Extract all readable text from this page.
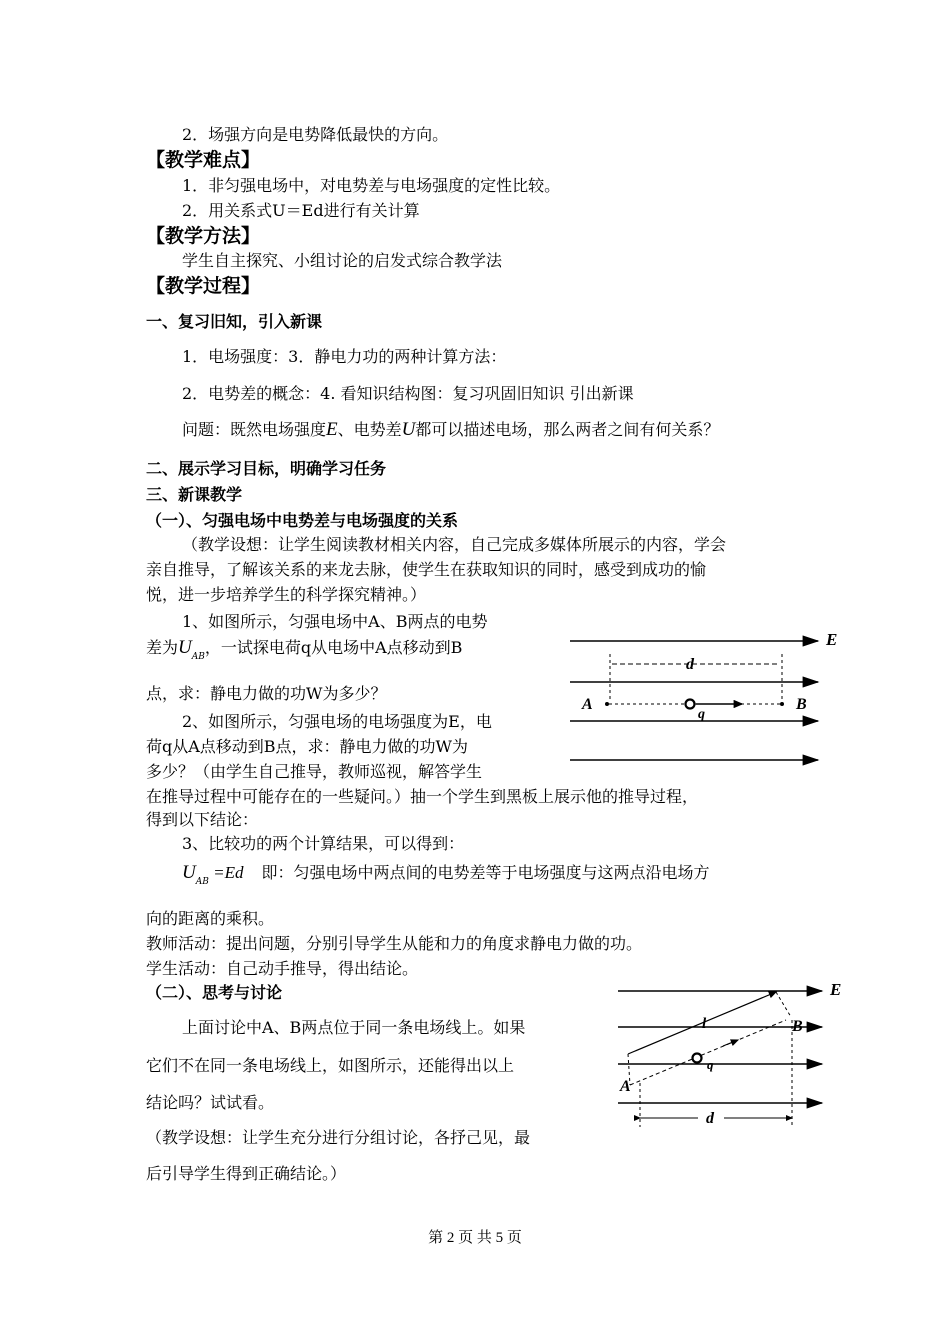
2．场强方向是电势降低最快的方向。
【教学难点】
1．非匀强电场中，对电势差与电场强度的定性比较。
2．用关系式U＝Ed进行有关计算
【教学方法】
学生自主探究、小组讨论的启发式综合教学法
【教学过程】
一、复习旧知，引入新课
1．电场强度：3．静电力功的两种计算方法：
2．电势差的概念：4. 看知识结构图：复习巩固旧知识 引出新课
问题：既然电场强度E、电势差U都可以描述电场，那么两者之间有何关系？
二、展示学习目标，明确学习任务
三、新课教学
（一）、匀强电场中电势差与电场强度的关系
（教学设想：让学生阅读教材相关内容，自己完成多媒体所展示的内容，学会
亲自推导，了解该关系的来龙去脉，使学生在获取知识的同时，感受到成功的愉
悦，进一步培养学生的科学探究精神。）
1、如图所示，匀强电场中A、B两点的电势
差为$U_{AB}$，一试探电荷q从电场中A点移动到B
点，求：静电力做的功W为多少？
2、如图所示，匀强电场的电场强度为E，电
荷q从A点移动到B点，求：静电力做的功W为
多少？（由学生自己推导，教师巡视，解答学生
在推导过程中可能存在的一些疑问。）抽一个学生到黑板上展示他的推导过程，
得到以下结论：
3、比较功的两个计算结果，可以得到：
$U_{AB} =Ed$ 即：匀强电场中两点间的电势差等于电场强度与这两点沿电场方
向的距离的乘积。
教师活动：提出问题，分别引导学生从能和力的角度求静电力做的功。
学生活动：自己动手推导，得出结论。
（二）、思考与讨论
上面讨论中A、B两点位于同一条电场线上。如果
它们不在同一条电场线上，如图所示，还能得出以上
结论吗？试试看。
（教学设想：让学生充分进行分组讨论，各抒己见，最
后引导学生得到正确结论。）
E
d
A
q
B
E
l
q
B
A
d
第 2 页 共 5 页
